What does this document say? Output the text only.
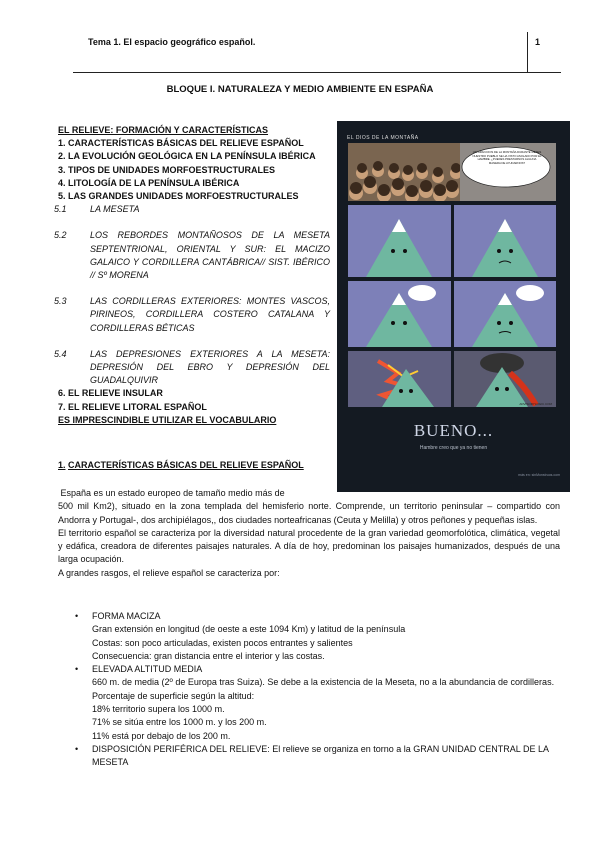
Tema 1. El espacio geográfico español.	1
BLOQUE I. NATURALEZA Y MEDIO AMBIENTE EN ESPAÑA
EL RELIEVE: FORMACIÓN Y CARACTERÍSTICAS
1. CARACTERÍSTICAS BÁSICAS DEL RELIEVE ESPAÑOL
2. LA EVOLUCIÓN GEOLÓGICA EN LA PENÍNSULA IBÉRICA
3. TIPOS DE UNIDADES MORFOESTRUCTURALES
4. LITOLOGÍA DE LA PENÍNSULA IBÉRICA
5. LAS GRANDES UNIDADES MORFOESTRUCTURALES
5.1	LA MESETA
5.2	LOS REBORDES MONTAÑOSOS DE LA MESETA SEPTENTRIONAL, ORIENTAL Y SUR: EL MACIZO GALAICO Y CORDILLERA CANTÁBRICA// SIST. IBÉRICO // Sº MORENA
5.3	LAS CORDILLERAS EXTERIORES: MONTES VASCOS, PIRINEOS, CORDILLERA COSTERO CATALANA Y CORDILLERAS BÉTICAS
5.4	LAS DEPRESIONES EXTERIORES A LA MESETA: DEPRESIÓN DEL EBRO Y DEPRESIÓN DEL GUADALQUIVIR
6. EL RELIEVE INSULAR
7. EL RELIEVE LITORAL ESPAÑOL
ES IMPRESCINDIBLE UTILIZAR EL VOCABULARIO
EL DIOS DE LA MONTAÑA
UN GRAN DIOS DE LA MONTAÑA DURANTE MESES NUESTRO PUEBLO SE HA VISTO ASOLADO POR EL HAMBRE. ¿PUEDES PRESTARNOS ALGUNA MANERA DE AYUDARNOS?
ADVISORYLOGIC.COM
BUENO...
Hambre creo que ya no tienen
más en: sinMonstruos.com
1. CARACTERÍSTICAS BÁSICAS DEL RELIEVE ESPAÑOL

España es un estado europeo de tamaño medio más de

500 mil Km2), situado en la zona templada del hemisferio norte. Comprende, un territorio peninsular – compartido con Andorra y Portugal-, dos archipiélagos,, dos ciudades norteafricanas (Ceuta y Melilla) y otros peñones y pequeñas islas.

El territorio español se caracteriza por la diversidad natural procedente de la gran variedad geomorfolótica, climática, vegetal y edáfica, creadora de diferentes paisajes naturales. A día de hoy, predominan los paisajes humanizados, después de una larga ocupación.

A grandes rasgos, el relieve español se caracteriza por:

• FORMA MACIZA
Gran extensión en longitud (de oeste a este 1094 Km) y latitud de la península
Costas: son poco articuladas, existen pocos entrantes y salientes
Consecuencia: gran distancia entre el interior y las costas.
• ELEVADA ALTITUD MEDIA
660 m. de media (2º de Europa tras Suiza). Se debe a la existencia de la Meseta, no a la abundancia de cordilleras. Porcentaje de superficie según la altitud:
18% territorio supera los 1000 m.
71% se sitúa entre los 1000 m. y los 200 m.
11% está por debajo de los 200 m.
• DISPOSICIÓN PERIFÉRICA DEL RELIEVE: El relieve se organiza en torno a la GRAN UNIDAD CENTRAL DE LA MESETA
